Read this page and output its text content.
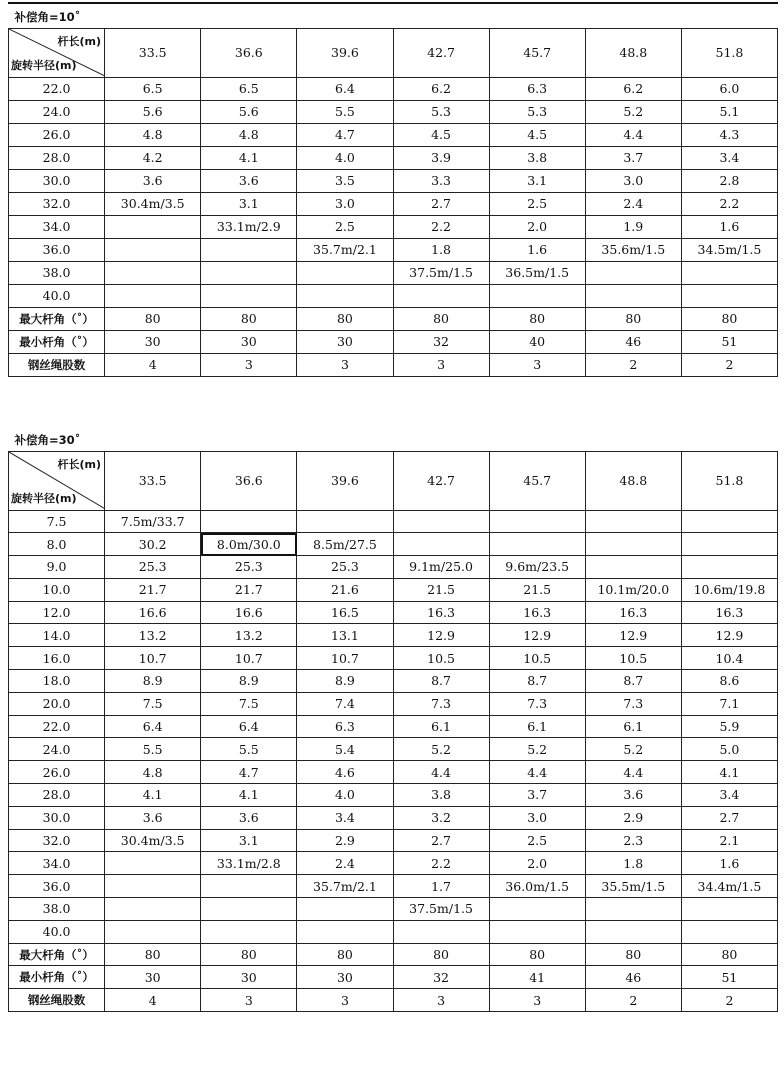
补偿角=10˚							

杆长(m)
旋转半径(m)	33.5	36.6	39.6	42.7	45.7	48.8	51.8
22.0	6.5	6.5	6.4	6.2	6.3	6.2	6.0
24.0	5.6	5.6	5.5	5.3	5.3	5.2	5.1
26.0	4.8	4.8	4.7	4.5	4.5	4.4	4.3
28.0	4.2	4.1	4.0	3.9	3.8	3.7	3.4
30.0	3.6	3.6	3.5	3.3	3.1	3.0	2.8
32.0	30.4m/3.5	3.1	3.0	2.7	2.5	2.4	2.2
34.0		33.1m/2.9	2.5	2.2	2.0	1.9	1.6
36.0			35.7m/2.1	1.8	1.6	35.6m/1.5	34.5m/1.5
38.0				37.5m/1.5	36.5m/1.5		
40.0							
最大杆角（˚）	80	80	80	80	80	80	80
最小杆角（˚）	30	30	30	32	40	46	51
钢丝绳股数	4	3	3	3	3	2	2
补偿角=30˚							

杆长(m)
旋转半径(m)	33.5	36.6	39.6	42.7	45.7	48.8	51.8
7.5	7.5m/33.7						
8.0	30.2	8.0m/30.0	8.5m/27.5				
9.0	25.3	25.3	25.3	9.1m/25.0	9.6m/23.5		
10.0	21.7	21.7	21.6	21.5	21.5	10.1m/20.0	10.6m/19.8
12.0	16.6	16.6	16.5	16.3	16.3	16.3	16.3
14.0	13.2	13.2	13.1	12.9	12.9	12.9	12.9
16.0	10.7	10.7	10.7	10.5	10.5	10.5	10.4
18.0	8.9	8.9	8.9	8.7	8.7	8.7	8.6
20.0	7.5	7.5	7.4	7.3	7.3	7.3	7.1
22.0	6.4	6.4	6.3	6.1	6.1	6.1	5.9
24.0	5.5	5.5	5.4	5.2	5.2	5.2	5.0
26.0	4.8	4.7	4.6	4.4	4.4	4.4	4.1
28.0	4.1	4.1	4.0	3.8	3.7	3.6	3.4
30.0	3.6	3.6	3.4	3.2	3.0	2.9	2.7
32.0	30.4m/3.5	3.1	2.9	2.7	2.5	2.3	2.1
34.0		33.1m/2.8	2.4	2.2	2.0	1.8	1.6
36.0			35.7m/2.1	1.7	36.0m/1.5	35.5m/1.5	34.4m/1.5
38.0				37.5m/1.5			
40.0							
最大杆角（˚）	80	80	80	80	80	80	80
最小杆角（˚）	30	30	30	32	41	46	51
钢丝绳股数	4	3	3	3	3	2	2
